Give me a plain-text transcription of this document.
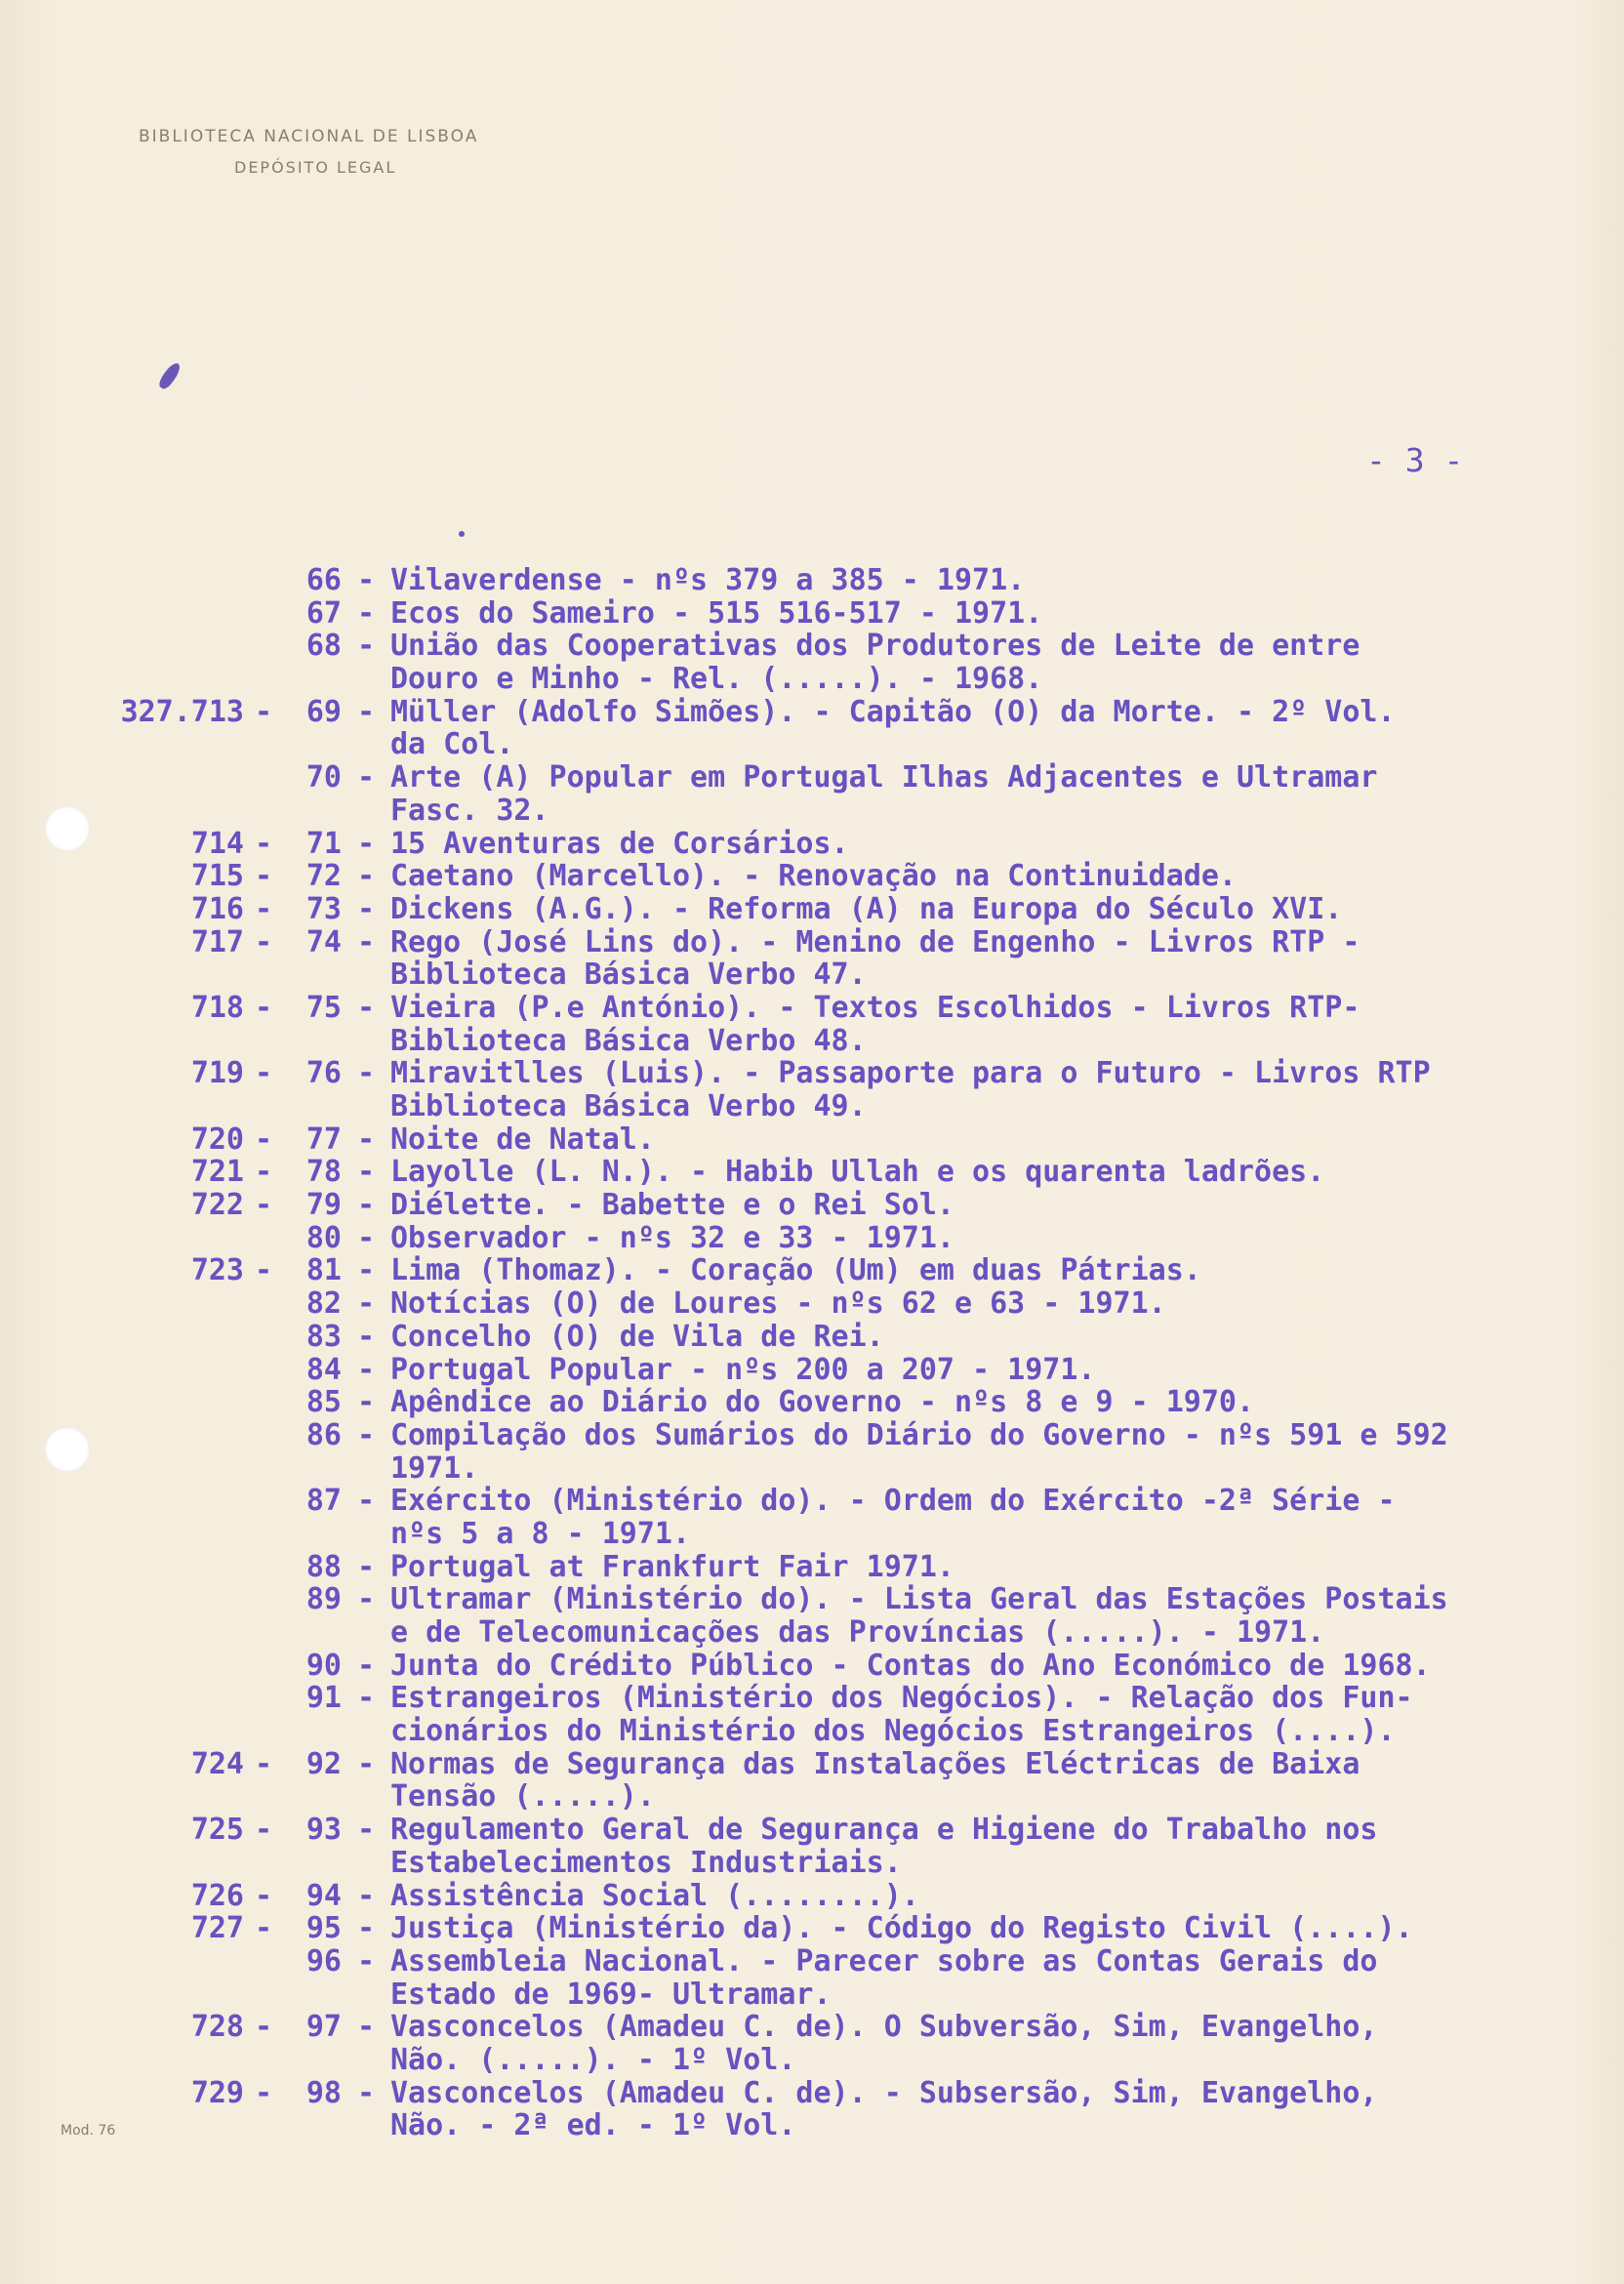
BIBLIOTECA NACIONAL DE LISBOA
DEPÓSITO LEGAL
- 3 -
66 - Vilaverdense - nºs 379 a 385 - 1971.
67 - Ecos do Sameiro - 515 516-517 - 1971.
68 - União das Cooperativas dos Produtores de Leite de entre
Douro e Minho - Rel. (.....). - 1968.
327.713 -	69 - Müller (Adolfo Simões). - Capitão (O) da Morte. - 2º Vol.
da Col.
70 - Arte (A) Popular em Portugal Ilhas Adjacentes e Ultramar
Fasc. 32.
714 -	71 - 15 Aventuras de Corsários.
715 -	72 - Caetano (Marcello). - Renovação na Continuidade.
716 -	73 - Dickens (A.G.). - Reforma (A) na Europa do Século XVI.
717 -	74 - Rego (José Lins do). - Menino de Engenho - Livros RTP -
Biblioteca Básica Verbo 47.
718 -	75 - Vieira (P.e António). - Textos Escolhidos - Livros RTP-
Biblioteca Básica Verbo 48.
719 -	76 - Miravitlles (Luis). - Passaporte para o Futuro - Livros RTP
Biblioteca Básica Verbo 49.
720 -	77 - Noite de Natal.
721 -	78 - Layolle (L. N.). - Habib Ullah e os quarenta ladrões.
722 -	79 - Diélette. - Babette e o Rei Sol.
80 - Observador - nºs 32 e 33 - 1971.
723 -	81 - Lima (Thomaz). - Coração (Um) em duas Pátrias.
82 - Notícias (O) de Loures - nºs 62 e 63 - 1971.
83 - Concelho (O) de Vila de Rei.
84 - Portugal Popular - nºs 200 a 207 - 1971.
85 - Apêndice ao Diário do Governo - nºs 8 e 9 - 1970.
86 - Compilação dos Sumários do Diário do Governo - nºs 591 e 592
1971.
87 - Exército (Ministério do). - Ordem do Exército -2ª Série -
nºs 5 a 8 - 1971.
88 - Portugal at Frankfurt Fair 1971.
89 - Ultramar (Ministério do). - Lista Geral das Estações Postais
e de Telecomunicações das Províncias (.....). - 1971.
90 - Junta do Crédito Público - Contas do Ano Económico de 1968.
91 - Estrangeiros (Ministério dos Negócios). - Relação dos Fun-
cionários do Ministério dos Negócios Estrangeiros (....).
724 -	92 - Normas de Segurança das Instalações Eléctricas de Baixa
Tensão (.....).
725 -	93 - Regulamento Geral de Segurança e Higiene do Trabalho nos
Estabelecimentos Industriais.
726 -	94 - Assistência Social (........).
727 -	95 - Justiça (Ministério da). - Código do Registo Civil (....).
96 - Assembleia Nacional. - Parecer sobre as Contas Gerais do
Estado de 1969- Ultramar.
728 -	97 - Vasconcelos (Amadeu C. de). O Subversão, Sim, Evangelho,
Não. (.....). - 1º Vol.
729 -	98 - Vasconcelos (Amadeu C. de). - Subsersão, Sim, Evangelho,
Não. - 2ª ed. - 1º Vol.
Mod. 76
